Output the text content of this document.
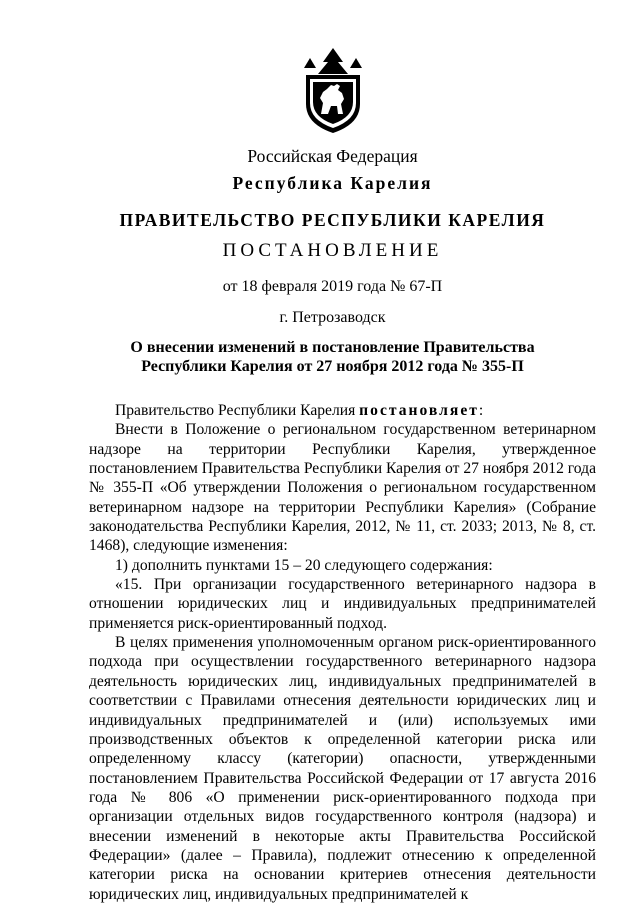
Российская Федерация
Республика Карелия
ПРАВИТЕЛЬСТВО РЕСПУБЛИКИ КАРЕЛИЯ
ПОСТАНОВЛЕНИЕ
от 18 февраля 2019 года № 67-П
г. Петрозаводск
О внесении изменений в постановление Правительства
Республики Карелия от 27 ноября 2012 года № 355-П

Правительство Республики Карелия постановляет:

Внести в Положение о региональном государственном ветеринарном надзоре на территории Республики Карелия, утвержденное постановлением Правительства Республики Карелия от 27 ноября 2012 года № 355-П «Об утверждении Положения о региональном государственном ветеринарном надзоре на территории Республики Карелия» (Собрание законодательства Республики Карелия, 2012, № 11, ст. 2033; 2013, № 8, ст. 1468), следующие изменения:

1) дополнить пунктами 15 – 20 следующего содержания:

«15. При организации государственного ветеринарного надзора в отношении юридических лиц и индивидуальных предпринимателей применяется риск-ориентированный подход.

В целях применения уполномоченным органом риск-ориентированного подхода при осуществлении государственного ветеринарного надзора деятельность юридических лиц, индивидуальных предпринимателей в соответствии с Правилами отнесения деятельности юридических лиц и индивидуальных предпринимателей и (или) используемых ими производственных объектов к определенной категории риска или определенному классу (категории) опасности, утвержденными постановлением Правительства Российской Федерации от 17 августа 2016 года № 806 «О применении риск-ориентированного подхода при организации отдельных видов государственного контроля (надзора) и внесении изменений в некоторые акты Правительства Российской Федерации» (далее – Правила), подлежит отнесению к определенной категории риска на основании критериев отнесения деятельности юридических лиц, индивидуальных предпринимателей к
